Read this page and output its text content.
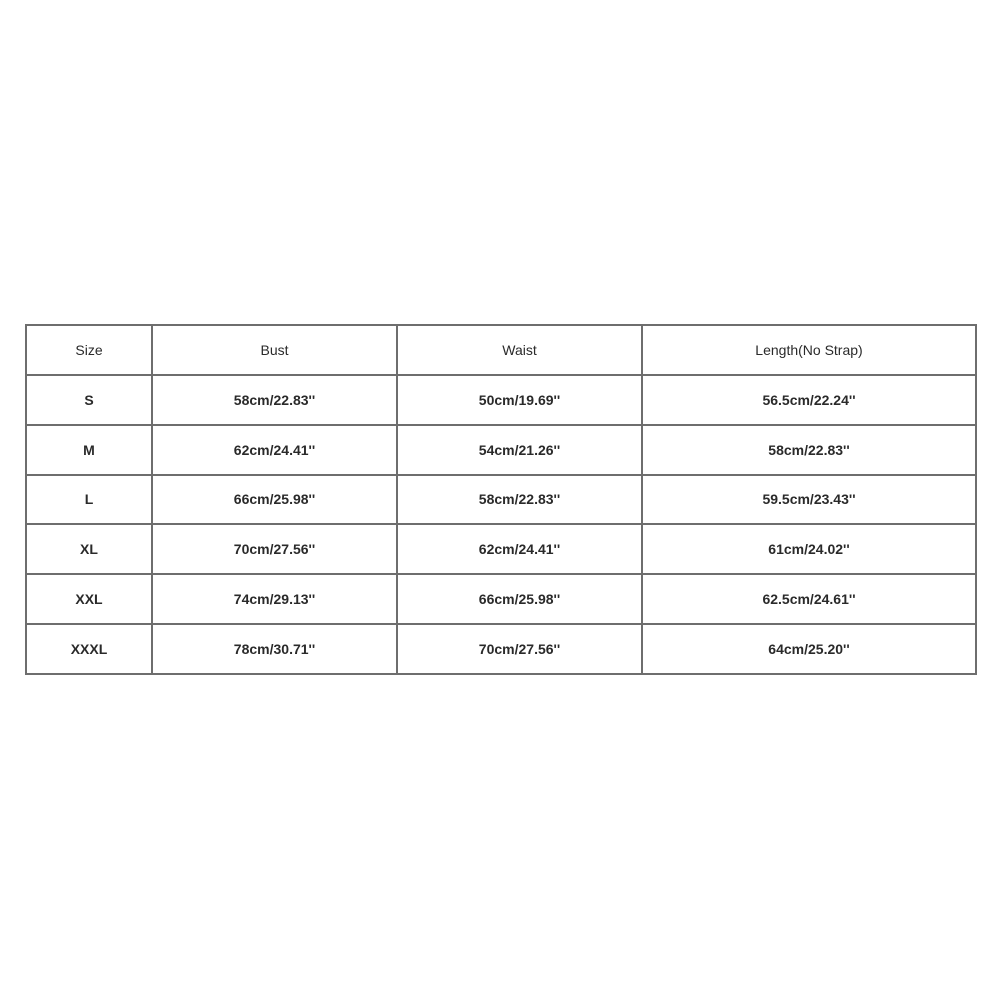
Size	Bust	Waist	Length(No Strap)
S	58cm/22.83''	50cm/19.69''	56.5cm/22.24''
M	62cm/24.41''	54cm/21.26''	58cm/22.83''
L	66cm/25.98''	58cm/22.83''	59.5cm/23.43''
XL	70cm/27.56''	62cm/24.41''	61cm/24.02''
XXL	74cm/29.13''	66cm/25.98''	62.5cm/24.61''
XXXL	78cm/30.71''	70cm/27.56''	64cm/25.20''
